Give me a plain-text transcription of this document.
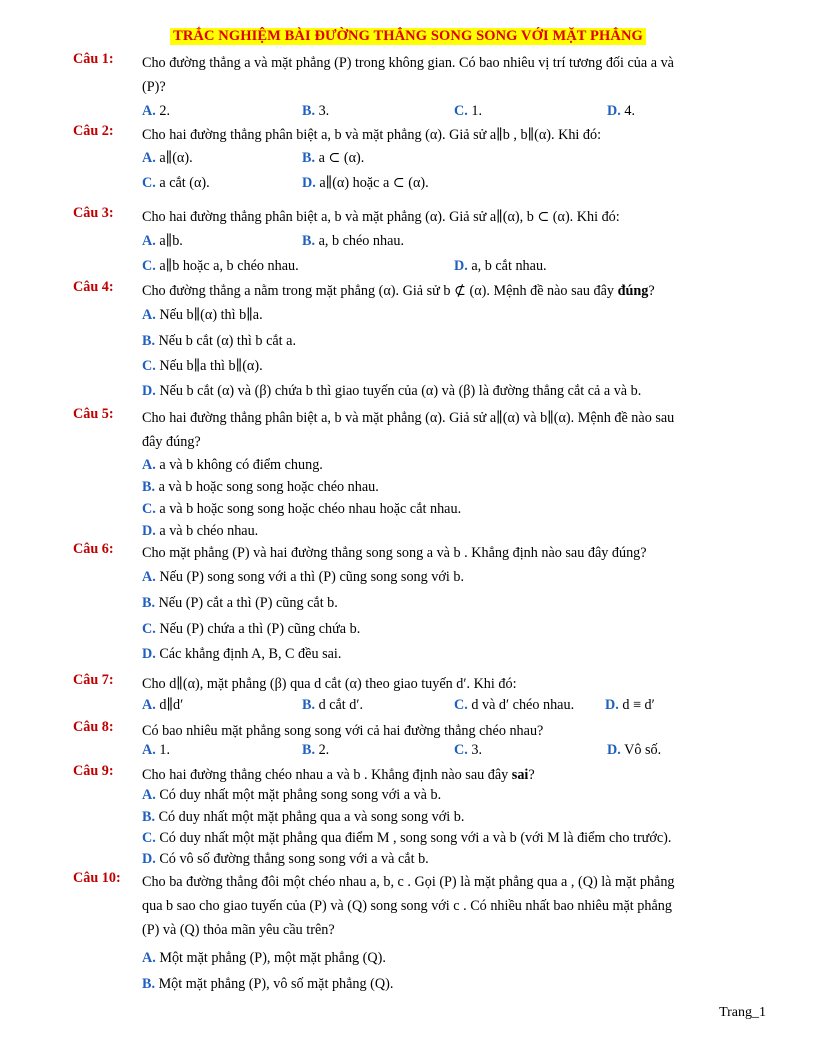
TRẮC NGHIỆM BÀI ĐƯỜNG THẲNG SONG SONG VỚI MẶT PHẲNG
Câu 1: Cho đường thẳng a và mặt phẳng (P) trong không gian. Có bao nhiêu vị trí tương đối của a và
(P)?
A. 2.	B. 3.	C. 1.	D. 4.
Câu 2: Cho hai đường thẳng phân biệt a, b và mặt phẳng (α). Giả sử a∥b , b∥(α). Khi đó:
A. a∥(α).	B. a ⊂ (α).
C. a cắt (α).	D. a∥(α) hoặc a ⊂ (α).
Câu 3: Cho hai đường thẳng phân biệt a, b và mặt phẳng (α). Giả sử a∥(α), b ⊂ (α). Khi đó:
A. a∥b.	B. a, b chéo nhau.
C. a∥b hoặc a, b chéo nhau.	D. a, b cắt nhau.
Câu 4: Cho đường thẳng a nằm trong mặt phẳng (α). Giả sử b ⊄ (α). Mệnh đề nào sau đây đúng?
A. Nếu b∥(α) thì b∥a.
B. Nếu b cắt (α) thì b cắt a.
C. Nếu b∥a thì b∥(α).
D. Nếu b cắt (α) và (β) chứa b thì giao tuyến của (α) và (β) là đường thẳng cắt cả a và b.
Câu 5: Cho hai đường thẳng phân biệt a, b và mặt phẳng (α). Giả sử a∥(α) và b∥(α). Mệnh đề nào sau
đây đúng?
A. a và b không có điểm chung.
B. a và b hoặc song song hoặc chéo nhau.
C. a và b hoặc song song hoặc chéo nhau hoặc cắt nhau.
D. a và b chéo nhau.
Câu 6: Cho mặt phẳng (P) và hai đường thẳng song song a và b . Khẳng định nào sau đây đúng?
A. Nếu (P) song song với a thì (P) cũng song song với b.
B. Nếu (P) cắt a thì (P) cũng cắt b.
C. Nếu (P) chứa a thì (P) cũng chứa b.
D. Các khẳng định A, B, C đều sai.
Câu 7: Cho d∥(α), mặt phẳng (β) qua d cắt (α) theo giao tuyến d′. Khi đó:
A. d∥d′	B. d cắt d′.	C. d và d′ chéo nhau. D. d ≡ d′
Câu 8: Có bao nhiêu mặt phẳng song song với cả hai đường thẳng chéo nhau?
A. 1.	B. 2.	C. 3.	D. Vô số.
Câu 9: Cho hai đường thẳng chéo nhau a và b . Khẳng định nào sau đây sai?
A. Có duy nhất một mặt phẳng song song với a và b.
B. Có duy nhất một mặt phẳng qua a và song song với b.
C. Có duy nhất một mặt phẳng qua điểm M , song song với a và b (với M là điểm cho trước).
D. Có vô số đường thẳng song song với a và cắt b.
Câu 10: Cho ba đường thẳng đôi một chéo nhau a, b, c . Gọi (P) là mặt phẳng qua a , (Q) là mặt phẳng
qua b sao cho giao tuyến của (P) và (Q) song song với c . Có nhiều nhất bao nhiêu mặt phẳng
(P) và (Q) thỏa mãn yêu cầu trên?
A. Một mặt phẳng (P), một mặt phẳng (Q).
B. Một mặt phẳng (P), vô số mặt phẳng (Q).
Trang_1
